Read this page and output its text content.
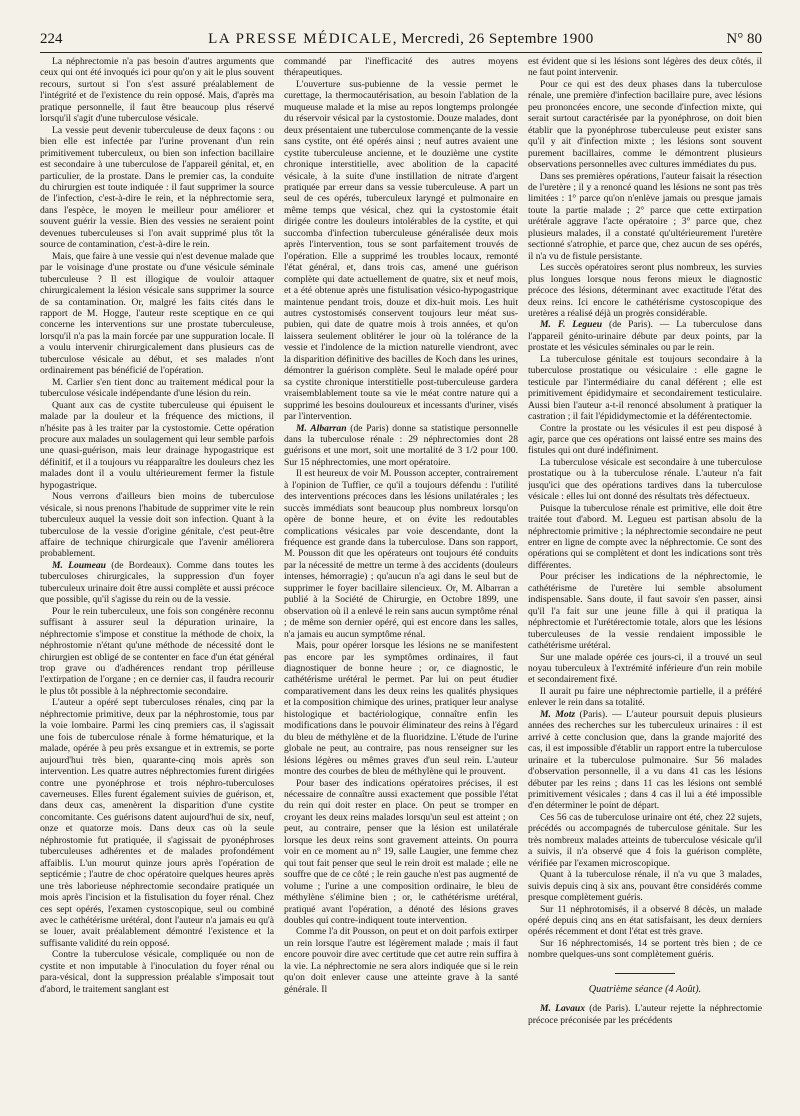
224	LA PRESSE MÉDICALE, Mercredi, 26 Septembre 1900	N° 80

La néphrectomie n'a pas besoin d'autres arguments que ceux qui ont été invoqués ici pour qu'on y ait le plus souvent recours, surtout si l'on s'est assuré préalablement de l'intégrité et de l'existence du rein opposé. Mais, d'après ma pratique personnelle, il faut être beaucoup plus réservé lorsqu'il s'agit d'une tuberculose vésicale.

La vessie peut devenir tuberculeuse de deux façons : ou bien elle est infectée par l'urine provenant d'un rein primitivement tuberculeux, ou bien son infection bacillaire est secondaire à une tuberculose de l'appareil génital, et, en particulier, de la prostate. Dans le premier cas, la conduite du chirurgien est toute indiquée : il faut supprimer la source de l'infection, c'est-à-dire le rein, et la néphrectomie sera, dans l'espèce, le moyen le meilleur pour améliorer et souvent guérir la vessie. Bien des vessies ne seraient point devenues tuberculeuses si l'on avait supprimé plus tôt la source de contamination, c'est-à-dire le rein.

Mais, que faire à une vessie qui n'est devenue malade que par le voisinage d'une prostate ou d'une vésicule séminale tuberculeuse ? Il est illogique de vouloir attaquer chirurgicalement la lésion vésicale sans supprimer la source de sa contamination. Or, malgré les faits cités dans le rapport de M. Hogge, l'auteur reste sceptique en ce qui concerne les interventions sur une prostate tuberculeuse, lorsqu'il n'a pas la main forcée par une suppuration locale. Il a voulu intervenir chirurgicalement dans plusieurs cas de tuberculose vésicale au début, et ses malades n'ont ordinairement pas bénéficié de l'opération.

M. Carlier s'en tient donc au traitement médical pour la tuberculose vésicale indépendante d'une lésion du rein.

Quant aux cas de cystite tuberculeuse qui épuisent le malade par la douleur et la fréquence des mictions, il n'hésite pas à les traiter par la cystostomie. Cette opération procure aux malades un soulagement qui leur semble parfois une quasi-guérison, mais leur drainage hypogastrique est définitif, et il a toujours vu réapparaître les douleurs chez les malades dont il a voulu ultérieurement fermer la fistule hypogastrique.

Nous verrons d'ailleurs bien moins de tuberculose vésicale, si nous prenons l'habitude de supprimer vite le rein tuberculeux auquel la vessie doit son infection. Quant à la tuberculose de la vessie d'origine génitale, c'est peut-être affaire de technique chirurgicale que l'avenir améliorera probablement.

M. Loumeau (de Bordeaux). Comme dans toutes les tuberculoses chirurgicales, la suppression d'un foyer tuberculeux urinaire doit être aussi complète et aussi précoce que possible, qu'il s'agisse du rein ou de la vessie.

Pour le rein tuberculeux, une fois son congénère reconnu suffisant à assurer seul la dépuration urinaire, la néphrectomie s'impose et constitue la méthode de choix, la néphrostomie n'étant qu'une méthode de nécessité dont le chirurgien est obligé de se contenter en face d'un état général trop grave ou d'adhérences rendant trop périlleuse l'extirpation de l'organe ; en ce dernier cas, il faudra recourir le plus tôt possible à la néphrectomie secondaire.

L'auteur a opéré sept tuberculoses rénales, cinq par la néphrectomie primitive, deux par la néphrostomie, tous par la voie lombaire. Parmi les cinq premiers cas, il s'agissait une fois de tuberculose rénale à forme hématurique, et la malade, opérée à peu près exsangue et in extremis, se porte aujourd'hui très bien, quarante-cinq mois après son intervention. Les quatre autres néphrectomies furent dirigées contre une pyonéphrose et trois néphro-tuberculoses caverneuses. Elles furent également suivies de guérison, et, dans deux cas, amenèrent la disparition d'une cystite concomitante. Ces guérisons datent aujourd'hui de six, neuf, onze et quatorze mois. Dans deux cas où la seule néphrostomie fut pratiquée, il s'agissait de pyonéphroses tuberculeuses adhérentes et de malades profondément affaiblis. L'un mourut quinze jours après l'opération de septicémie ; l'autre de choc opératoire quelques heures après une très laborieuse néphrectomie secondaire pratiquée un mois après l'incision et la fistulisation du foyer rénal. Chez ces sept opérés, l'examen cystoscopique, seul ou combiné avec le cathétérisme urétéral, dont l'auteur n'a jamais eu qu'à se louer, avait préalablement démontré l'existence et la suffisante validité du rein opposé.

Contre la tuberculose vésicale, compliquée ou non de cystite et non imputable à l'inoculation du foyer rénal ou para-vésical, dont la suppression préalable s'imposait tout d'abord, le traitement sanglant est

commandé par l'inefficacité des autres moyens thérapeutiques.

L'ouverture sus-pubienne de la vessie permet le curettage, la thermocautérisation, au besoin l'ablation de la muqueuse malade et la mise au repos longtemps prolongée du réservoir vésical par la cystostomie. Douze malades, dont deux présentaient une tuberculose commençante de la vessie sans cystite, ont été opérés ainsi ; neuf autres avaient une cystite tuberculeuse ancienne, et le douzième une cystite chronique interstitielle, avec abolition de la capacité vésicale, à la suite d'une instillation de nitrate d'argent pratiquée par erreur dans sa vessie tuberculeuse. A part un seul de ces opérés, tuberculeux laryngé et pulmonaire en même temps que vésical, chez qui la cystostomie était dirigée contre les douleurs intolérables de la cystite, et qui succomba d'infection tuberculeuse généralisée deux mois après l'intervention, tous se sont parfaitement trouvés de l'opération. Elle a supprimé les troubles locaux, remonté l'état général, et, dans trois cas, amené une guérison complète qui date actuellement de quatre, six et neuf mois, et a été obtenue après une fistulisation vésico-hypogastrique maintenue pendant trois, douze et dix-huit mois. Les huit autres cystostomisés conservent toujours leur méat sus-pubien, qui date de quatre mois à trois années, et qu'on laissera seulement oblitérer le jour où la tolérance de la vessie et l'indolence de la miction naturelle viendront, avec la disparition définitive des bacilles de Koch dans les urines, démontrer la guérison complète. Seul le malade opéré pour sa cystite chronique interstitielle post-tuberculeuse gardera vraisemblablement toute sa vie le méat contre nature qui a supprimé les besoins douloureux et incessants d'uriner, visés par l'intervention.

M. Albarran (de Paris) donne sa statistique personnelle dans la tuberculose rénale : 29 néphrectomies dont 28 guérisons et une mort, soit une mortalité de 3 1/2 pour 100. Sur 15 néphrectomies, une mort opératoire.

Il est heureux de voir M. Pousson accepter, contrairement à l'opinion de Tuffier, ce qu'il a toujours défendu : l'utilité des interventions précoces dans les lésions unilatérales ; les succès immédiats sont beaucoup plus nombreux lorsqu'on opère de bonne heure, et on évite les redoutables complications vésicales par voie descendante, dont la fréquence est grande dans la tuberculose. Dans son rapport, M. Pousson dit que les opérateurs ont toujours été conduits par la nécessité de mettre un terme à des accidents (douleurs intenses, hémorragie) ; qu'aucun n'a agi dans le seul but de supprimer le foyer bacillaire silencieux. Or, M. Albarran a publié à la Société de Chirurgie, en Octobre 1899, une observation où il a enlevé le rein sans aucun symptôme rénal ; de même son dernier opéré, qui est encore dans les salles, n'a jamais eu aucun symptôme rénal.

Mais, pour opérer lorsque les lésions ne se manifestent pas encore par les symptômes ordinaires, il faut diagnostiquer de bonne heure ; or, ce diagnostic, le cathétérisme urétéral le permet. Par lui on peut étudier comparativement dans les deux reins les qualités physiques et la composition chimique des urines, pratiquer leur analyse histologique et bactériologique, connaître enfin les modifications dans le pouvoir éliminateur des reins à l'égard du bleu de méthylène et de la fluoridzine. L'étude de l'urine globale ne peut, au contraire, pas nous renseigner sur les lésions légères ou mêmes graves d'un seul rein. L'auteur montre des courbes de bleu de méthylène qui le prouvent.

Pour baser des indications opératoires précises, il est nécessaire de connaître aussi exactement que possible l'état du rein qui doit rester en place. On peut se tromper en croyant les deux reins malades lorsqu'un seul est atteint ; on peut, au contraire, penser que la lésion est unilatérale lorsque les deux reins sont gravement atteints. On pourra voir en ce moment au n° 19, salle Laugier, une femme chez qui tout fait penser que seul le rein droit est malade ; elle ne souffre que de ce côté ; le rein gauche n'est pas augmenté de volume ; l'urine a une composition ordinaire, le bleu de méthylène s'élimine bien ; or, le cathétérisme urétéral, pratiqué avant l'opération, a dénoté des lésions graves doubles qui contre-indiquent toute intervention.

Comme l'a dit Pousson, on peut et on doit parfois extirper un rein lorsque l'autre est légèrement malade ; mais il faut encore pouvoir dire avec certitude que cet autre rein suffira à la vie. La néphrectomie ne sera alors indiquée que si le rein qu'on doit enlever cause une atteinte grave à la santé générale. Il

est évident que si les lésions sont légères des deux côtés, il ne faut point intervenir.

Pour ce qui est des deux phases dans la tuberculose rénale, une première d'infection bacillaire pure, avec lésions peu prononcées encore, une seconde d'infection mixte, qui serait surtout caractérisée par la pyonéphrose, on doit bien établir que la pyonéphrose tuberculeuse peut exister sans qu'il y ait d'infection mixte ; les lésions sont souvent purement bacillaires, comme le démontrent plusieurs observations personnelles avec cultures immédiates du pus.

Dans ses premières opérations, l'auteur faisait la résection de l'uretère ; il y a renoncé quand les lésions ne sont pas très limitées : 1° parce qu'on n'enlève jamais ou presque jamais toute la partie malade ; 2° parce que cette extirpation urétérale aggrave l'acte opératoire ; 3° parce que, chez plusieurs malades, il a constaté qu'ultérieurement l'uretère sectionné s'atrophie, et parce que, chez aucun de ses opérés, il n'a vu de fistule persistante.

Les succès opératoires seront plus nombreux, les survies plus longues lorsque nous ferons mieux le diagnostic précoce des lésions, déterminant avec exactitude l'état des deux reins. Ici encore le cathétérisme cystoscopique des uretères a réalisé déjà un progrès considérable.

M. F. Legueu (de Paris). — La tuberculose dans l'appareil génito-urinaire débute par deux points, par la prostate et les vésicules séminales ou par le rein.

La tuberculose génitale est toujours secondaire à la tuberculose prostatique ou vésiculaire : elle gagne le testicule par l'intermédiaire du canal déférent ; elle est primitivement épididymaire et secondairement testiculaire. Aussi bien l'auteur a-t-il renoncé absolument à pratiquer la castration ; il fait l'épididymectomie et la déférentectomie.

Contre la prostate ou les vésicules il est peu disposé à agir, parce que ces opérations ont laissé entre ses mains des fistules qui ont duré indéfiniment.

La tuberculose vésicale est secondaire à une tuberculose prostatique ou à la tuberculose rénale. L'auteur n'a fait jusqu'ici que des opérations tardives dans la tuberculose vésicale : elles lui ont donné des résultats très défectueux.

Puisque la tuberculose rénale est primitive, elle doit être traitée tout d'abord. M. Legueu est partisan absolu de la néphrectomie primitive ; la néphrectomie secondaire ne peut entrer en ligne de compte avec la néphrectomie. Ce sont des opérations qui se complètent et dont les indications sont très différentes.

Pour préciser les indications de la néphrectomie, le cathétérisme de l'uretère lui semble absolument indispensable. Sans doute, il faut savoir s'en passer, ainsi qu'il l'a fait sur une jeune fille à qui il pratiqua la néphrectomie et l'urétérectomie totale, alors que les lésions tuberculeuses de la vessie rendaient impossible le cathétérisme urétéral.

Sur une malade opérée ces jours-ci, il a trouvé un seul noyau tuberculeux à l'extrémité inférieure d'un rein mobile et secondairement fixé.

Il aurait pu faire une néphrectomie partielle, il a préféré enlever le rein dans sa totalité.

M. Motz (Paris). — L'auteur poursuit depuis plusieurs années des recherches sur les tuberculeux urinaires : il est arrivé à cette conclusion que, dans la grande majorité des cas, il est impossible d'établir un rapport entre la tuberculose urinaire et la tuberculose pulmonaire. Sur 56 malades d'observation personnelle, il a vu dans 41 cas les lésions débuter par les reins ; dans 11 cas les lésions ont semblé primitivement vésicales ; dans 4 cas il lui a été impossible d'en déterminer le point de départ.

Ces 56 cas de tuberculose urinaire ont été, chez 22 sujets, précédés ou accompagnés de tuberculose génitale. Sur les très nombreux malades atteints de tuberculose vésicale qu'il a suivis, il n'a observé que 4 fois la guérison complète, vérifiée par l'examen microscopique.

Quant à la tuberculose rénale, il n'a vu que 3 malades, suivis depuis cinq à six ans, pouvant être considérés comme presque complètement guéris.

Sur 11 néphrotomisés, il a observé 8 décès, un malade opéré depuis cinq ans en état satisfaisant, les deux derniers opérés récemment et dont l'état est très grave.

Sur 16 néphrectomisés, 14 se portent très bien ; de ce nombre quelques-uns sont complètement guéris.

Quatrième séance (4 Août).

M. Lavaux (de Paris). L'auteur rejette la néphrectomie précoce préconisée par les précédents
